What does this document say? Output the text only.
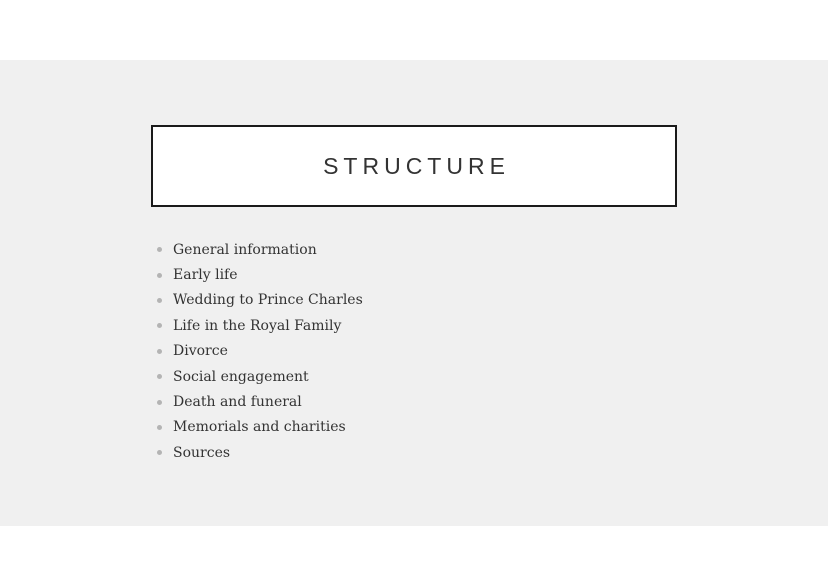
STRUCTURE
General information
Early life
Wedding to Prince Charles
Life in the Royal Family
Divorce
Social engagement
Death and funeral
Memorials and charities
Sources
